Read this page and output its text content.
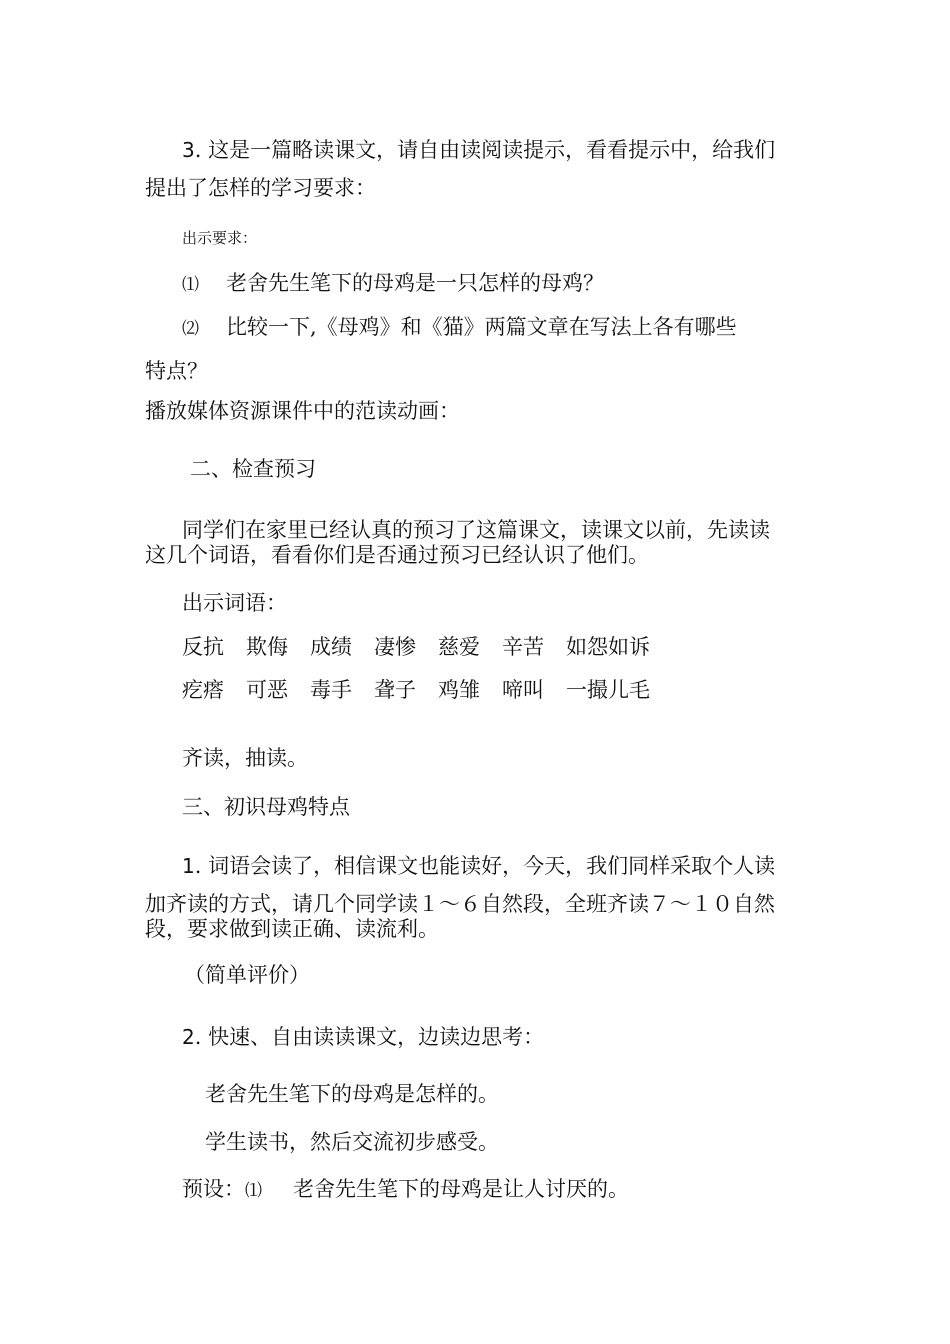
3. 这是一篇略读课文，请自由读阅读提示，看看提示中，给我们
提出了怎样的学习要求：
出示要求：
⑴ 老舍先生笔下的母鸡是一只怎样的母鸡？
⑵ 比较一下,《母鸡》和《猫》两篇文章在写法上各有哪些
特点？
播放媒体资源课件中的范读动画：
二、检查预习
同学们在家里已经认真的预习了这篇课文，读课文以前，先读读
这几个词语，看看你们是否通过预习已经认识了他们。
出示词语：
反抗 欺侮 成绩 凄惨 慈爱 辛苦 如怨如诉
疙瘩 可恶 毒手 聋子 鸡雏 啼叫 一撮儿毛
齐读，抽读。
三、初识母鸡特点
1. 词语会读了，相信课文也能读好，今天，我们同样采取个人读
加齐读的方式，请几个同学读１～６自然段，全班齐读７～１０自然
段，要求做到读正确、读流利。
（简单评价）
2. 快速、自由读读课文，边读边思考：
老舍先生笔下的母鸡是怎样的。
学生读书，然后交流初步感受。
预设：⑴ 老舍先生笔下的母鸡是让人讨厌的。
